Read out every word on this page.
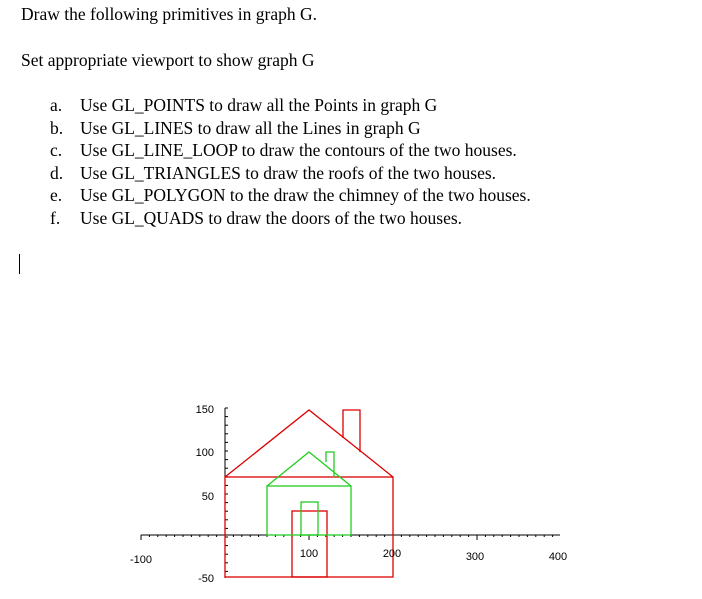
Draw the following primitives in graph G.
Set appropriate viewport to show graph G
a.	Use GL_POINTS to draw all the Points in graph G
b. Use GL_LINES to draw all the Lines in graph G
c.	Use GL_LINE_LOOP to draw the contours of the two houses.
d. Use GL_TRIANGLES to draw the roofs of the two houses.
e.	Use GL_POLYGON to the draw the chimney of the two houses.
f.	Use GL_QUADS to draw the doors of the two houses.
-100	100	200	300	400
150
100
50
-50
